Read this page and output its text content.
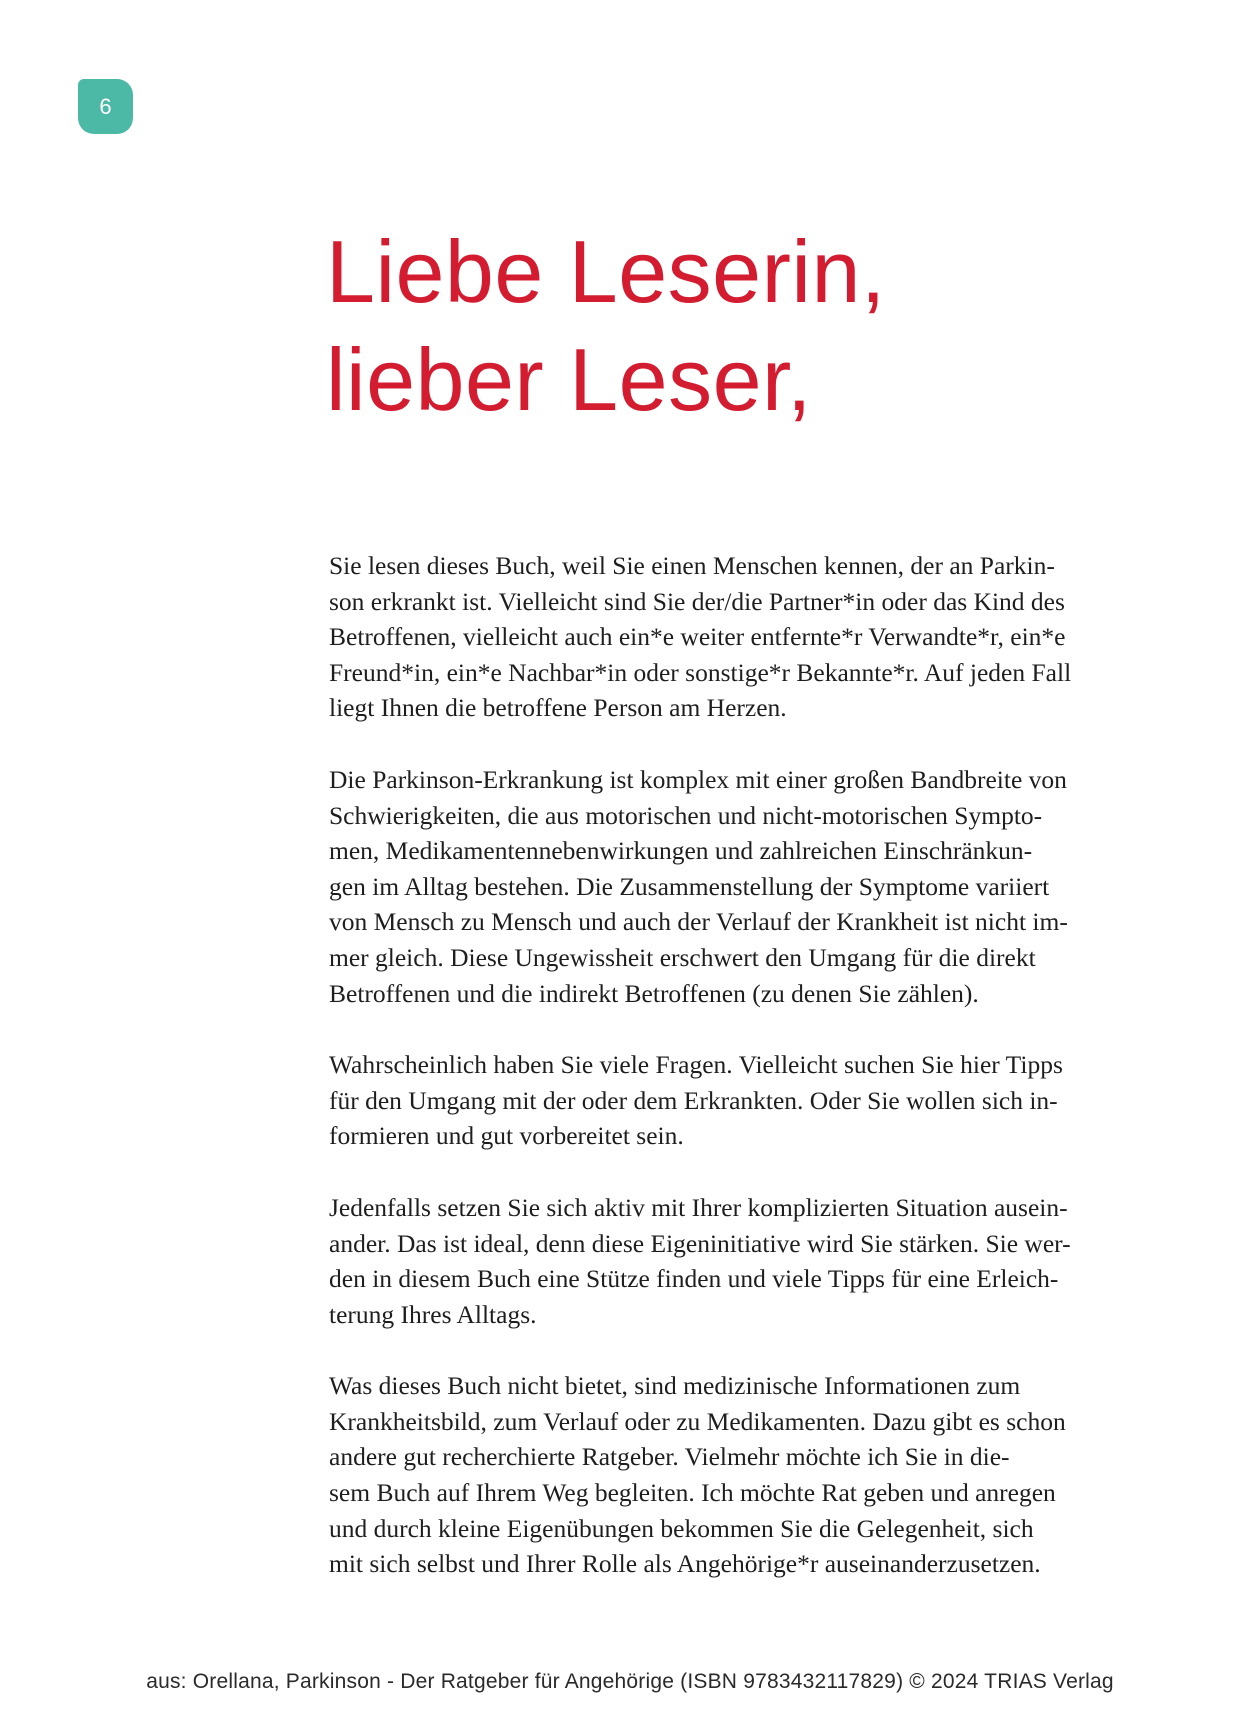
6
Liebe Leserin,
lieber Leser,

Sie lesen dieses Buch, weil Sie einen Menschen kennen, der an Parkin-
son erkrankt ist. Vielleicht sind Sie der/die Partner*in oder das Kind des
Betroffenen, vielleicht auch ein*e weiter entfernte*r Verwandte*r, ein*e
Freund*in, ein*e Nachbar*in oder sonstige*r Bekannte*r. Auf jeden Fall
liegt Ihnen die betroffene Person am Herzen.

Die Parkinson-Erkrankung ist komplex mit einer großen Bandbreite von
Schwierigkeiten, die aus motorischen und nicht-motorischen Sympto-
men, Medikamentennebenwirkungen und zahlreichen Einschränkun-
gen im Alltag bestehen. Die Zusammenstellung der Symptome variiert
von Mensch zu Mensch und auch der Verlauf der Krankheit ist nicht im-
mer gleich. Diese Ungewissheit erschwert den Umgang für die direkt
Betroffenen und die indirekt Betroffenen (zu denen Sie zählen).

Wahrscheinlich haben Sie viele Fragen. Vielleicht suchen Sie hier Tipps
für den Umgang mit der oder dem Erkrankten. Oder Sie wollen sich in-
formieren und gut vorbereitet sein.

Jedenfalls setzen Sie sich aktiv mit Ihrer komplizierten Situation ausein-
ander. Das ist ideal, denn diese Eigeninitiative wird Sie stärken. Sie wer-
den in diesem Buch eine Stütze finden und viele Tipps für eine Erleich-
terung Ihres Alltags.

Was dieses Buch nicht bietet, sind medizinische Informationen zum
Krankheitsbild, zum Verlauf oder zu Medikamenten. Dazu gibt es schon
andere gut recherchierte Ratgeber. Vielmehr möchte ich Sie in die-
sem Buch auf Ihrem Weg begleiten. Ich möchte Rat geben und anregen
und durch kleine Eigenübungen bekommen Sie die Gelegenheit, sich
mit sich selbst und Ihrer Rolle als Angehörige*r auseinanderzusetzen.

aus: Orellana, Parkinson - Der Ratgeber für Angehörige (ISBN 9783432117829) © 2024 TRIAS Verlag
